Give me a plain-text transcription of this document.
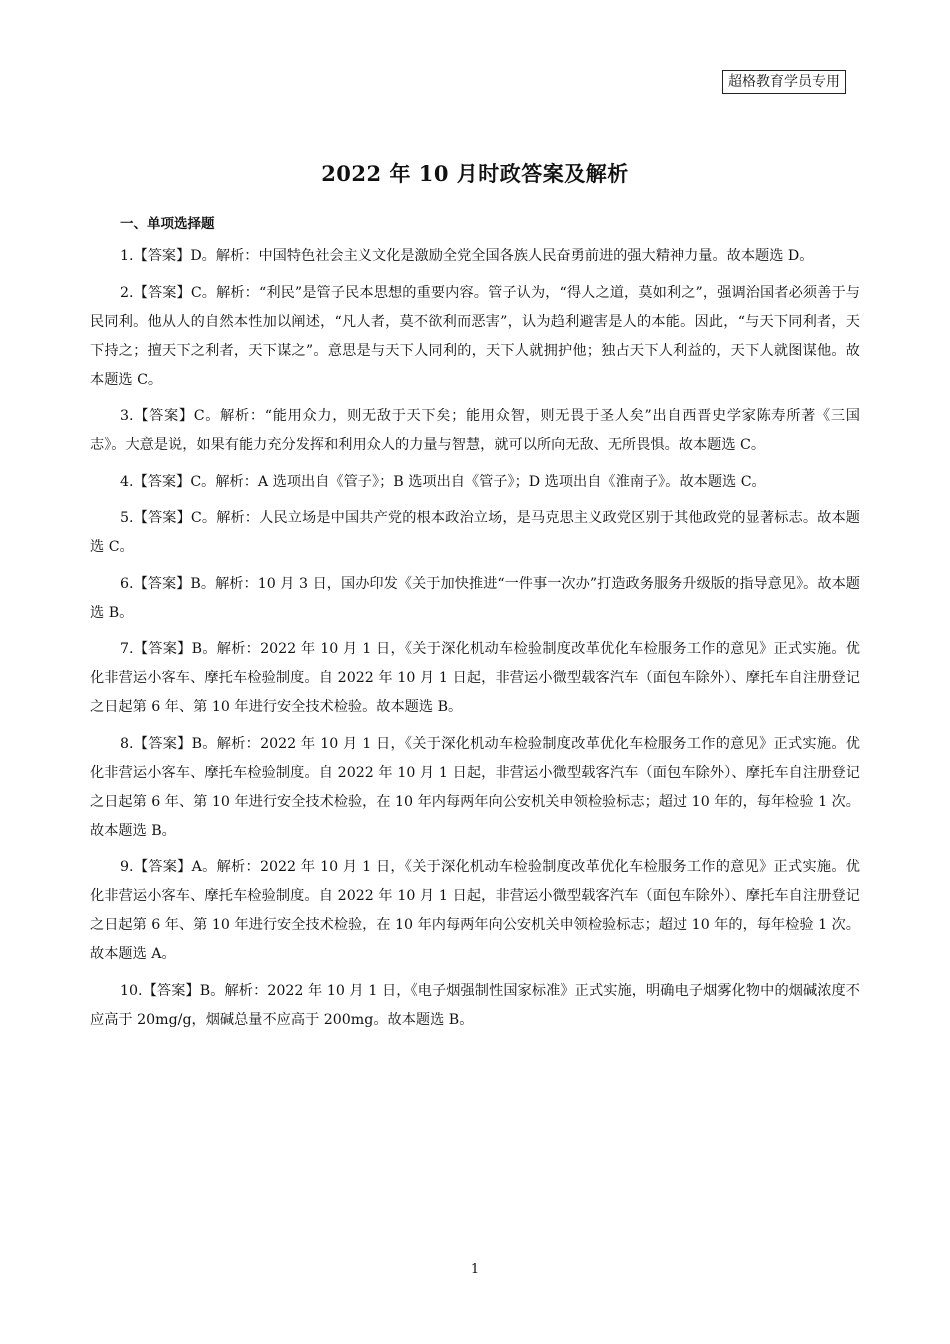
超格教育学员专用
2022 年 10 月时政答案及解析
一、单项选择题

1.【答案】D。解析：中国特色社会主义文化是激励全党全国各族人民奋勇前进的强大精神力量。故本题选 D。

2.【答案】C。解析：“利民”是管子民本思想的重要内容。管子认为，“得人之道，莫如利之”，强调治国者必须善于与民同利。他从人的自然本性加以阐述，“凡人者，莫不欲利而恶害”，认为趋利避害是人的本能。因此，“与天下同利者，天下持之；擅天下之利者，天下谋之”。意思是与天下人同利的，天下人就拥护他；独占天下人利益的，天下人就图谋他。故本题选 C。

3.【答案】C。解析：“能用众力，则无敌于天下矣；能用众智，则无畏于圣人矣”出自西晋史学家陈寿所著《三国志》。大意是说，如果有能力充分发挥和利用众人的力量与智慧，就可以所向无敌、无所畏惧。故本题选 C。

4.【答案】C。解析：A 选项出自《管子》；B 选项出自《管子》；D 选项出自《淮南子》。故本题选 C。

5.【答案】C。解析：人民立场是中国共产党的根本政治立场，是马克思主义政党区别于其他政党的显著标志。故本题选 C。

6.【答案】B。解析：10 月 3 日，国办印发《关于加快推进“一件事一次办”打造政务服务升级版的指导意见》。故本题选 B。

7.【答案】B。解析：2022 年 10 月 1 日，《关于深化机动车检验制度改革优化车检服务工作的意见》正式实施。优化非营运小客车、摩托车检验制度。自 2022 年 10 月 1 日起，非营运小微型载客汽车（面包车除外）、摩托车自注册登记之日起第 6 年、第 10 年进行安全技术检验。故本题选 B。

8.【答案】B。解析：2022 年 10 月 1 日，《关于深化机动车检验制度改革优化车检服务工作的意见》正式实施。优化非营运小客车、摩托车检验制度。自 2022 年 10 月 1 日起，非营运小微型载客汽车（面包车除外）、摩托车自注册登记之日起第 6 年、第 10 年进行安全技术检验，在 10 年内每两年向公安机关申领检验标志；超过 10 年的，每年检验 1 次。故本题选 B。

9.【答案】A。解析：2022 年 10 月 1 日，《关于深化机动车检验制度改革优化车检服务工作的意见》正式实施。优化非营运小客车、摩托车检验制度。自 2022 年 10 月 1 日起，非营运小微型载客汽车（面包车除外）、摩托车自注册登记之日起第 6 年、第 10 年进行安全技术检验，在 10 年内每两年向公安机关申领检验标志；超过 10 年的，每年检验 1 次。故本题选 A。

10.【答案】B。解析：2022 年 10 月 1 日，《电子烟强制性国家标准》正式实施，明确电子烟雾化物中的烟碱浓度不应高于 20mg/g，烟碱总量不应高于 200mg。故本题选 B。

1
